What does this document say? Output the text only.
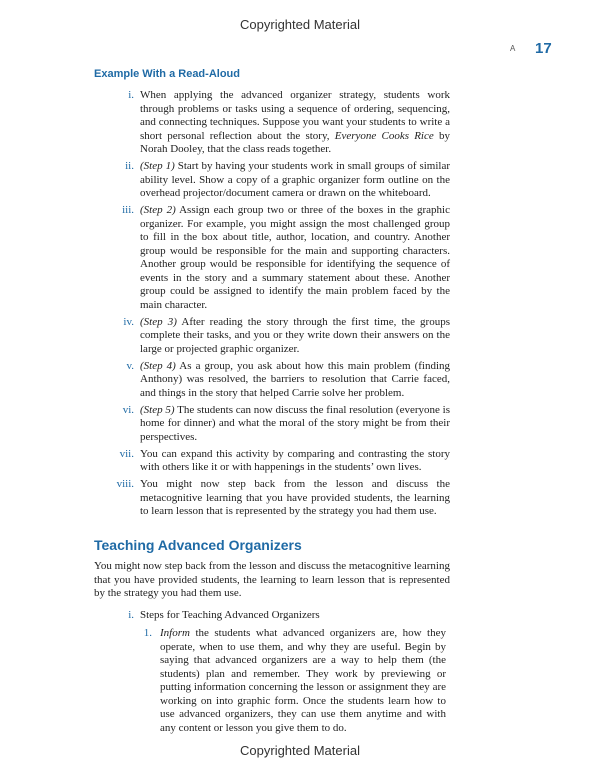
Copyrighted Material
A 17
Example With a Read-Aloud
i. When applying the advanced organizer strategy, students work through problems or tasks using a sequence of ordering, sequencing, and connecting techniques. Suppose you want your students to write a short personal reflection about the story, Everyone Cooks Rice by Norah Dooley, that the class reads together.
ii. (Step 1) Start by having your students work in small groups of similar ability level. Show a copy of a graphic organizer form outline on the overhead projector/document camera or drawn on the whiteboard.
iii. (Step 2) Assign each group two or three of the boxes in the graphic organizer. For example, you might assign the most challenged group to fill in the box about title, author, location, and country. Another group would be responsible for the main and supporting characters. Another group would be responsible for identifying the sequence of events in the story and a summary statement about these. Another group could be assigned to identify the main problem faced by the main character.
iv. (Step 3) After reading the story through the first time, the groups complete their tasks, and you or they write down their answers on the large or projected graphic organizer.
v. (Step 4) As a group, you ask about how this main problem (finding Anthony) was resolved, the barriers to resolution that Carrie faced, and things in the story that helped Carrie solve her problem.
vi. (Step 5) The students can now discuss the final resolution (everyone is home for dinner) and what the moral of the story might be from their perspectives.
vii. You can expand this activity by comparing and contrasting the story with others like it or with happenings in the students’ own lives.
viii. You might now step back from the lesson and discuss the metacognitive learning that you have provided students, the learning to learn lesson that is represented by the strategy you had them use.
Teaching Advanced Organizers

You might now step back from the lesson and discuss the metacognitive learning that you have provided students, the learning to learn lesson that is represented by the strategy you had them use.

i. Steps for Teaching Advanced Organizers
1. Inform the students what advanced organizers are, how they operate, when to use them, and why they are useful. Begin by saying that advanced organizers are a way to help them (the students) plan and remember. They work by previewing or putting information concerning the lesson or assignment they are working on into graphic form. Once the students learn how to use advanced organizers, they can use them anytime and with any content or lesson you give them to do.
Copyrighted Material
